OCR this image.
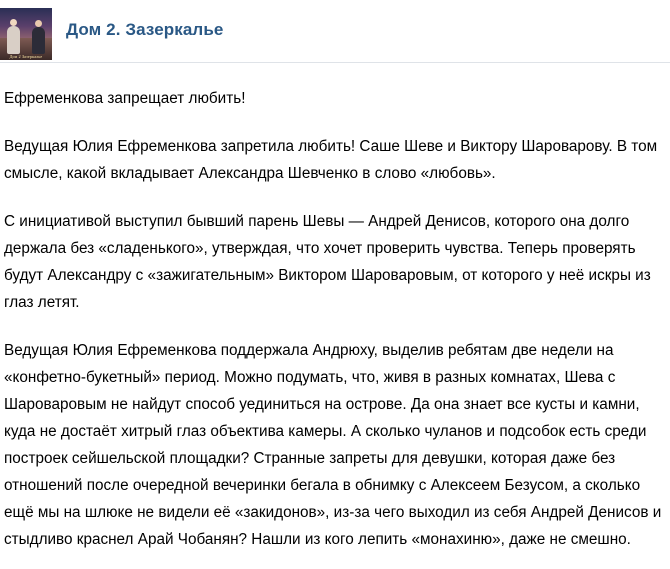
Дом 2 Зазеркалье
Дом 2. Зазеркалье

Ефременкова запрещает любить!

Ведущая Юлия Ефременкова запретила любить! Саше Шеве и Виктору Шароварову. В том смысле, какой вкладывает Александра Шевченко в слово «любовь».

С инициативой выступил бывший парень Шевы — Андрей Денисов, которого она долго держала без «сладенького», утверждая, что хочет проверить чувства. Теперь проверять будут Александру с «зажигательным» Виктором Шароваровым, от которого у неё искры из глаз летят.

Ведущая Юлия Ефременкова поддержала Андрюху, выделив ребятам две недели на «конфетно-букетный» период. Можно подумать, что, живя в разных комнатах, Шева с Шароваровым не найдут способ уединиться на острове. Да она знает все кусты и камни, куда не достаёт хитрый глаз объектива камеры. А сколько чуланов и подсобок есть среди построек сейшельской площадки? Странные запреты для девушки, которая даже без отношений после очередной вечеринки бегала в обнимку с Алексеем Безусом, а сколько ещё мы на шлюке не видели её «закидонов», из-за чего выходил из себя Андрей Денисов и стыдливо краснел Арай Чобанян? Нашли из кого лепить «монахиню», даже не смешно.
